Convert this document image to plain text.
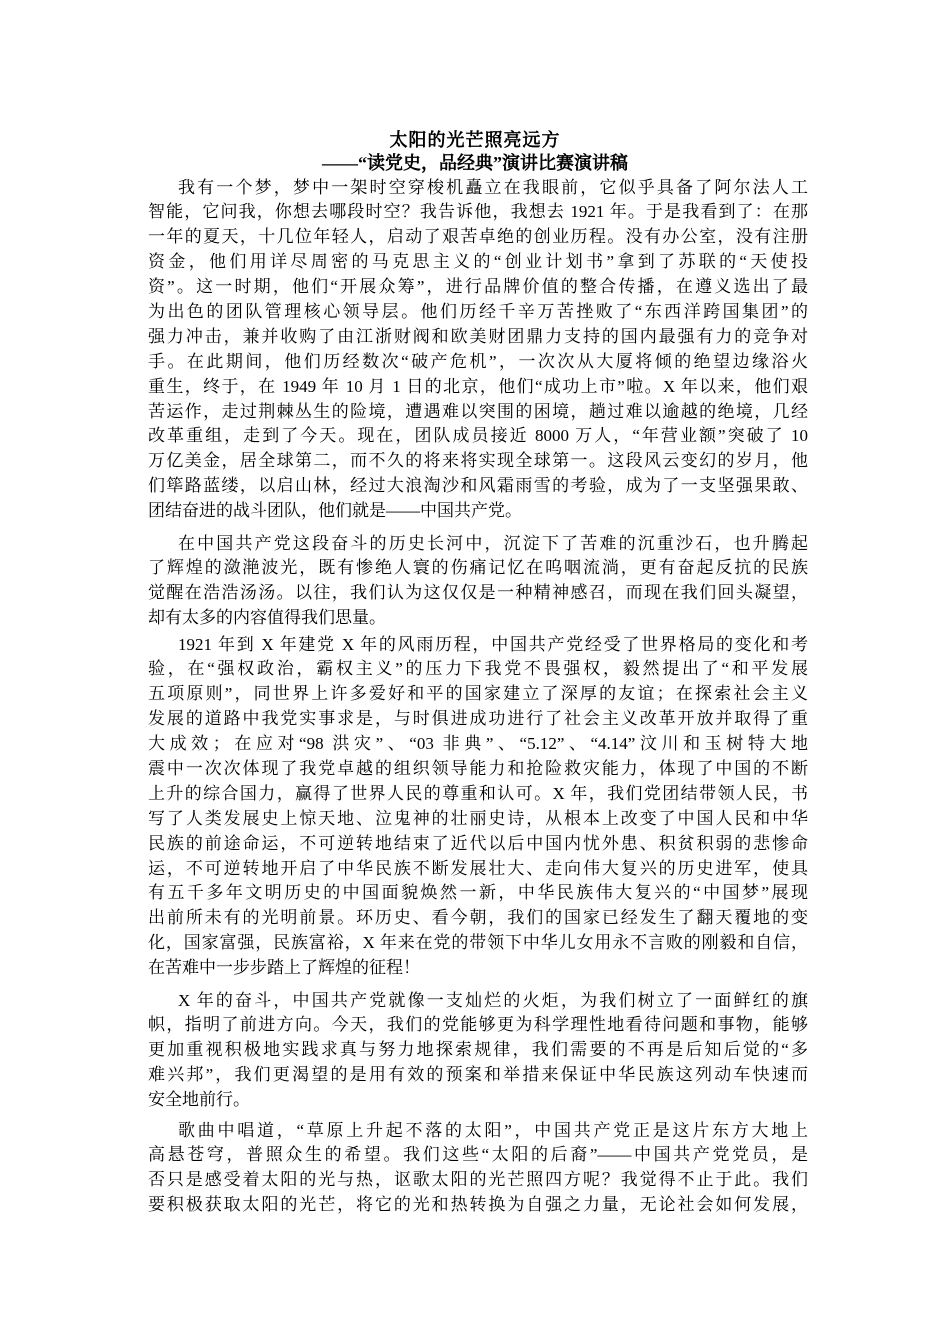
太阳的光芒照亮远方
——“读党史，品经典”演讲比赛演讲稿
我有一个梦，梦中一架时空穿梭机矗立在我眼前，它似乎具备了阿尔法人工
智能，它问我，你想去哪段时空？我告诉他，我想去 1921 年。于是我看到了：在那
一年的夏天，十几位年轻人，启动了艰苦卓绝的创业历程。没有办公室，没有注册
资金，他们用详尽周密的马克思主义的“创业计划书”拿到了苏联的“天使投
资”。这一时期，他们“开展众筹”，进行品牌价值的整合传播，在遵义选出了最
为出色的团队管理核心领导层。他们历经千辛万苦挫败了“东西洋跨国集团”的
强力冲击，兼并收购了由江浙财阀和欧美财团鼎力支持的国内最强有力的竞争对
手。在此期间，他们历经数次“破产危机”，一次次从大厦将倾的绝望边缘浴火
重生，终于，在 1949 年 10 月 1 日的北京，他们“成功上市”啦。X 年以来，他们艰
苦运作，走过荆棘丛生的险境，遭遇难以突围的困境，趟过难以逾越的绝境，几经
改革重组，走到了今天。现在，团队成员接近 8000 万人，“年营业额”突破了 10
万亿美金，居全球第二，而不久的将来将实现全球第一。这段风云变幻的岁月，他
们筚路蓝缕，以启山林，经过大浪淘沙和风霜雨雪的考验，成为了一支坚强果敢、
团结奋进的战斗团队，他们就是——中国共产党。
在中国共产党这段奋斗的历史长河中，沉淀下了苦难的沉重沙石，也升腾起
了辉煌的潋滟波光，既有惨绝人寰的伤痛记忆在呜咽流淌，更有奋起反抗的民族
觉醒在浩浩汤汤。以往，我们认为这仅仅是一种精神感召，而现在我们回头凝望，
却有太多的内容值得我们思量。
1921 年到 X 年建党 X 年的风雨历程，中国共产党经受了世界格局的变化和考
验，在“强权政治，霸权主义”的压力下我党不畏强权，毅然提出了“和平发展
五项原则”，同世界上许多爱好和平的国家建立了深厚的友谊；在探索社会主义
发展的道路中我党实事求是，与时俱进成功进行了社会主义改革开放并取得了重
大成效；在应对“98 洪灾”、“03 非典”、“5.12”、“4.14”汶川和玉树特大地
震中一次次体现了我党卓越的组织领导能力和抢险救灾能力，体现了中国的不断
上升的综合国力，赢得了世界人民的尊重和认可。X 年，我们党团结带领人民，书
写了人类发展史上惊天地、泣鬼神的壮丽史诗，从根本上改变了中国人民和中华
民族的前途命运，不可逆转地结束了近代以后中国内忧外患、积贫积弱的悲惨命
运，不可逆转地开启了中华民族不断发展壮大、走向伟大复兴的历史进军，使具
有五千多年文明历史的中国面貌焕然一新，中华民族伟大复兴的“中国梦”展现
出前所未有的光明前景。环历史、看今朝，我们的国家已经发生了翻天覆地的变
化，国家富强，民族富裕，X 年来在党的带领下中华儿女用永不言败的刚毅和自信，
在苦难中一步步踏上了辉煌的征程！
X 年的奋斗，中国共产党就像一支灿烂的火炬，为我们树立了一面鲜红的旗
帜，指明了前进方向。今天，我们的党能够更为科学理性地看待问题和事物，能够
更加重视积极地实践求真与努力地探索规律，我们需要的不再是后知后觉的“多
难兴邦”，我们更渴望的是用有效的预案和举措来保证中华民族这列动车快速而
安全地前行。
歌曲中唱道，“草原上升起不落的太阳”，中国共产党正是这片东方大地上
高悬苍穹，普照众生的希望。我们这些“太阳的后裔”——中国共产党党员，是
否只是感受着太阳的光与热，讴歌太阳的光芒照四方呢？我觉得不止于此。我们
要积极获取太阳的光芒，将它的光和热转换为自强之力量，无论社会如何发展，
